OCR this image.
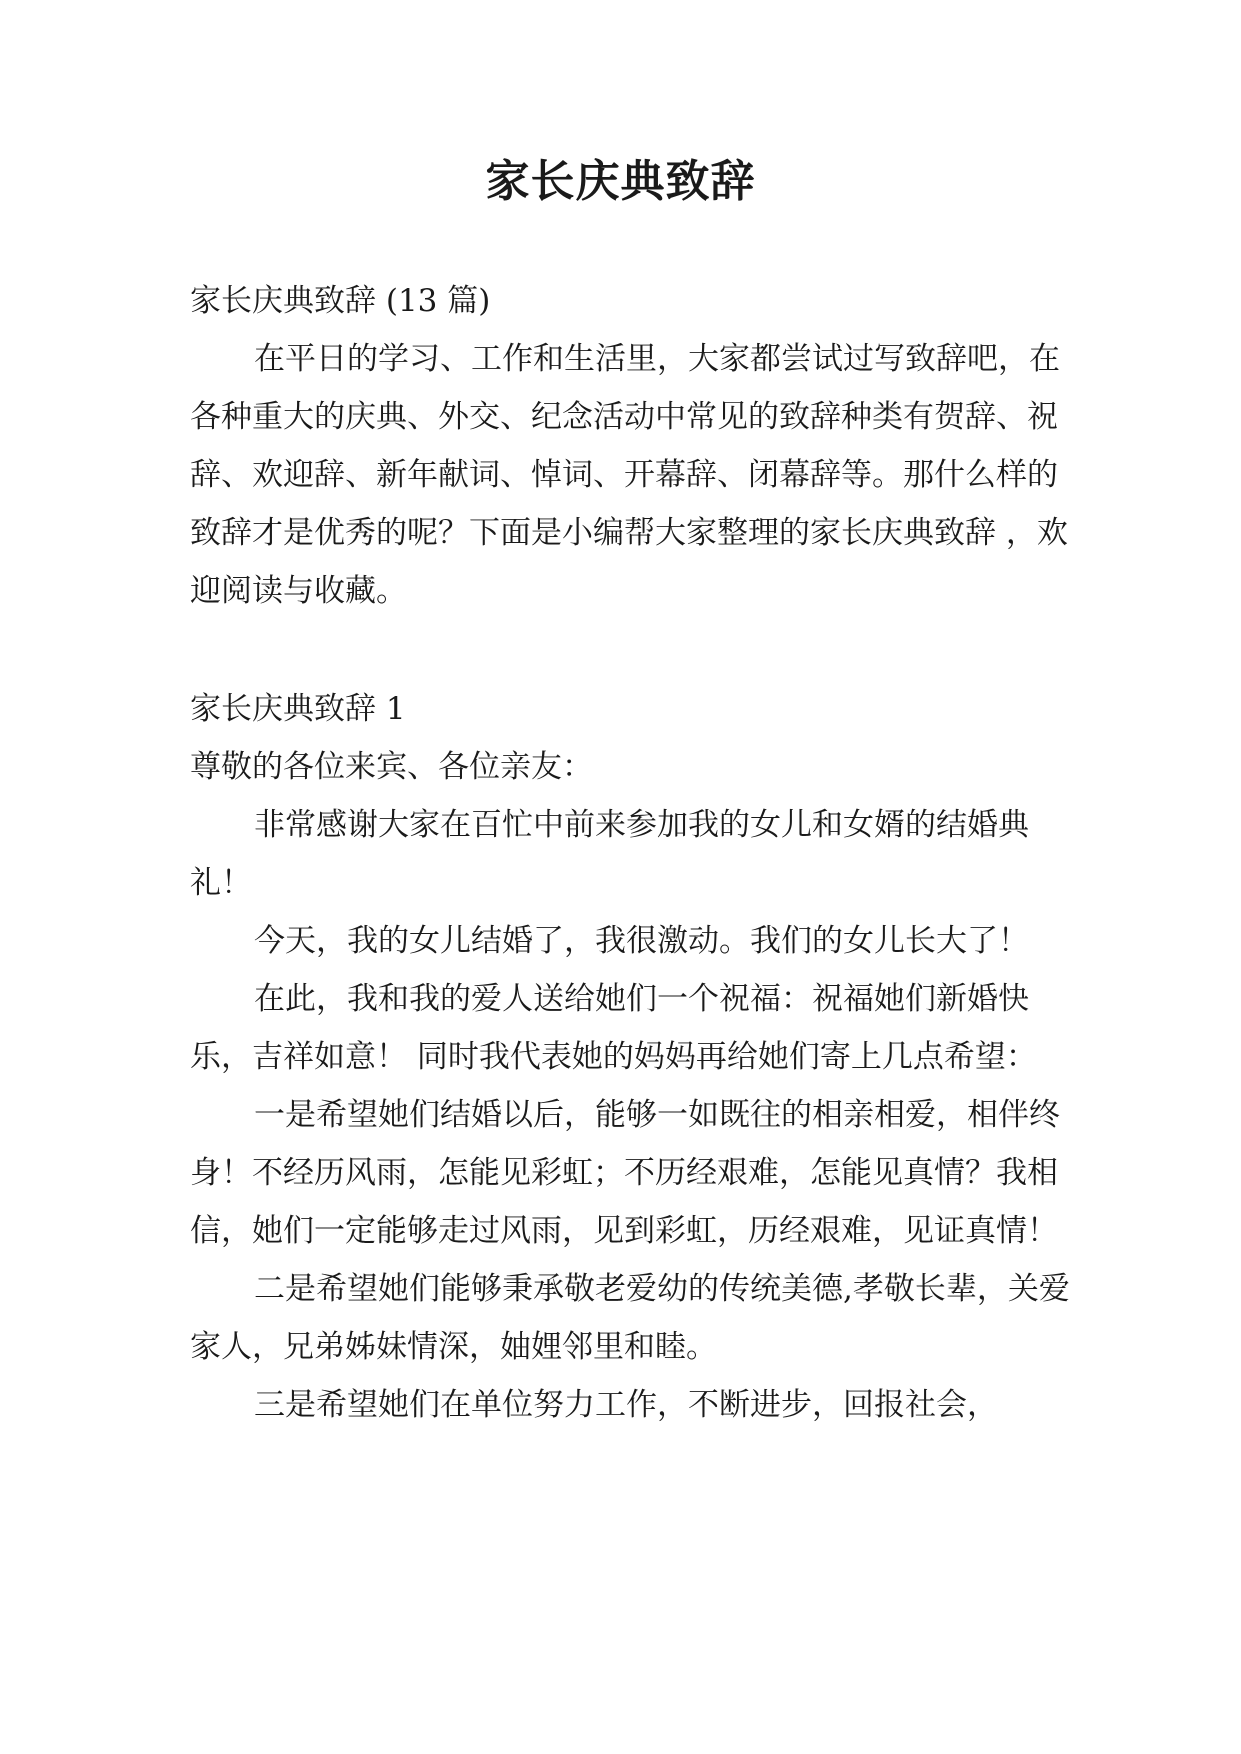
家长庆典致辞

家长庆典致辞 (13 篇)

在平日的学习、工作和生活里，大家都尝试过写致辞吧，在各种重大的庆典、外交、纪念活动中常见的致辞种类有贺辞、祝辞、欢迎辞、新年献词、悼词、开幕辞、闭幕辞等。那什么样的致辞才是优秀的呢？下面是小编帮大家整理的家长庆典致辞 ，欢迎阅读与收藏。

家长庆典致辞 1

尊敬的各位来宾、各位亲友：

非常感谢大家在百忙中前来参加我的女儿和女婿的结婚典礼！

今天，我的女儿结婚了，我很激动。我们的女儿长大了！

在此，我和我的爱人送给她们一个祝福：祝福她们新婚快乐，吉祥如意！ 同时我代表她的妈妈再给她们寄上几点希望：

一是希望她们结婚以后，能够一如既往的相亲相爱，相伴终身！不经历风雨，怎能见彩虹；不历经艰难，怎能见真情？我相信，她们一定能够走过风雨，见到彩虹，历经艰难，见证真情！

二是希望她们能够秉承敬老爱幼的传统美德,孝敬长辈，关爱家人，兄弟姊妹情深，妯娌邻里和睦。

三是希望她们在单位努力工作，不断进步，回报社会，
